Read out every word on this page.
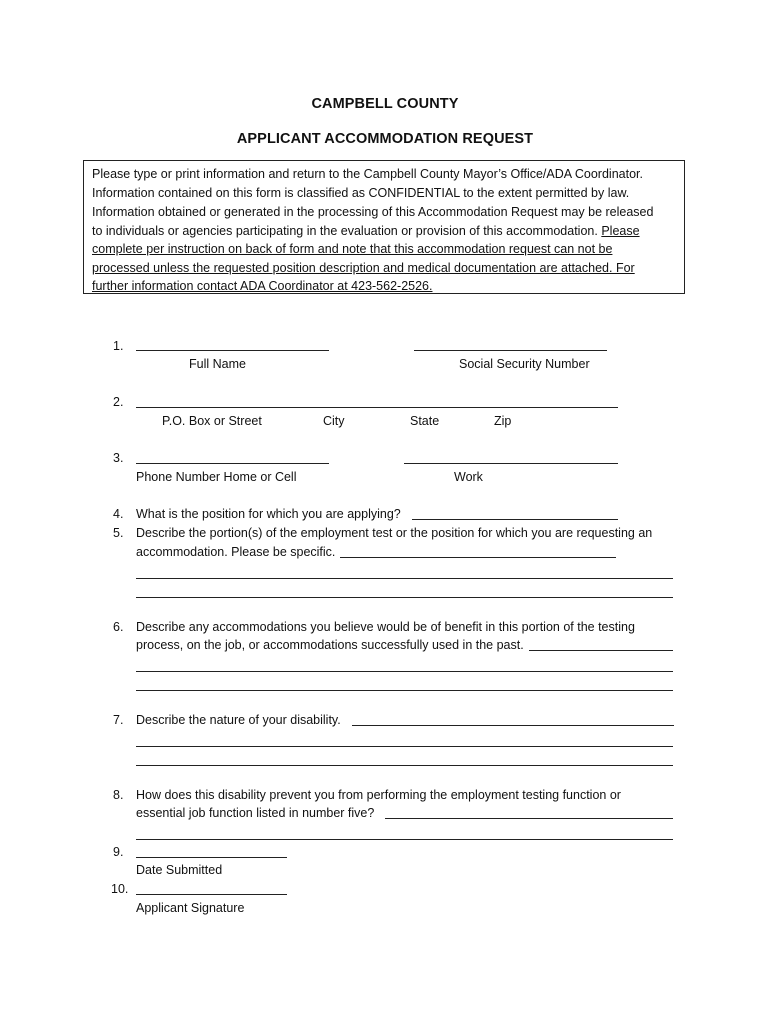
CAMPBELL COUNTY
APPLICANT ACCOMMODATION REQUEST
Please type or print information and return to the Campbell County Mayor’s Office/ADA Coordinator.
Information contained on this form is classified as CONFIDENTIAL to the extent permitted by law.
Information obtained or generated in the processing of this Accommodation Request may be released
to individuals or agencies participating in the evaluation or provision of this accommodation. Please
complete per instruction on back of form and note that this accommodation request can not be
processed unless the requested position description and medical documentation are attached. For
further information contact ADA Coordinator at 423-562-2526.
1.
Full Name	Social Security Number
2.
P.O. Box or Street	City	State	Zip
3.
Phone Number Home or Cell	Work
4. What is the position for which you are applying?
5. Describe the portion(s) of the employment test or the position for which you are requesting an
accommodation. Please be specific.
6. Describe any accommodations you believe would be of benefit in this portion of the testing
process, on the job, or accommodations successfully used in the past.
7. Describe the nature of your disability.
8. How does this disability prevent you from performing the employment testing function or
essential job function listed in number five?
9.
Date Submitted
10.
Applicant Signature
